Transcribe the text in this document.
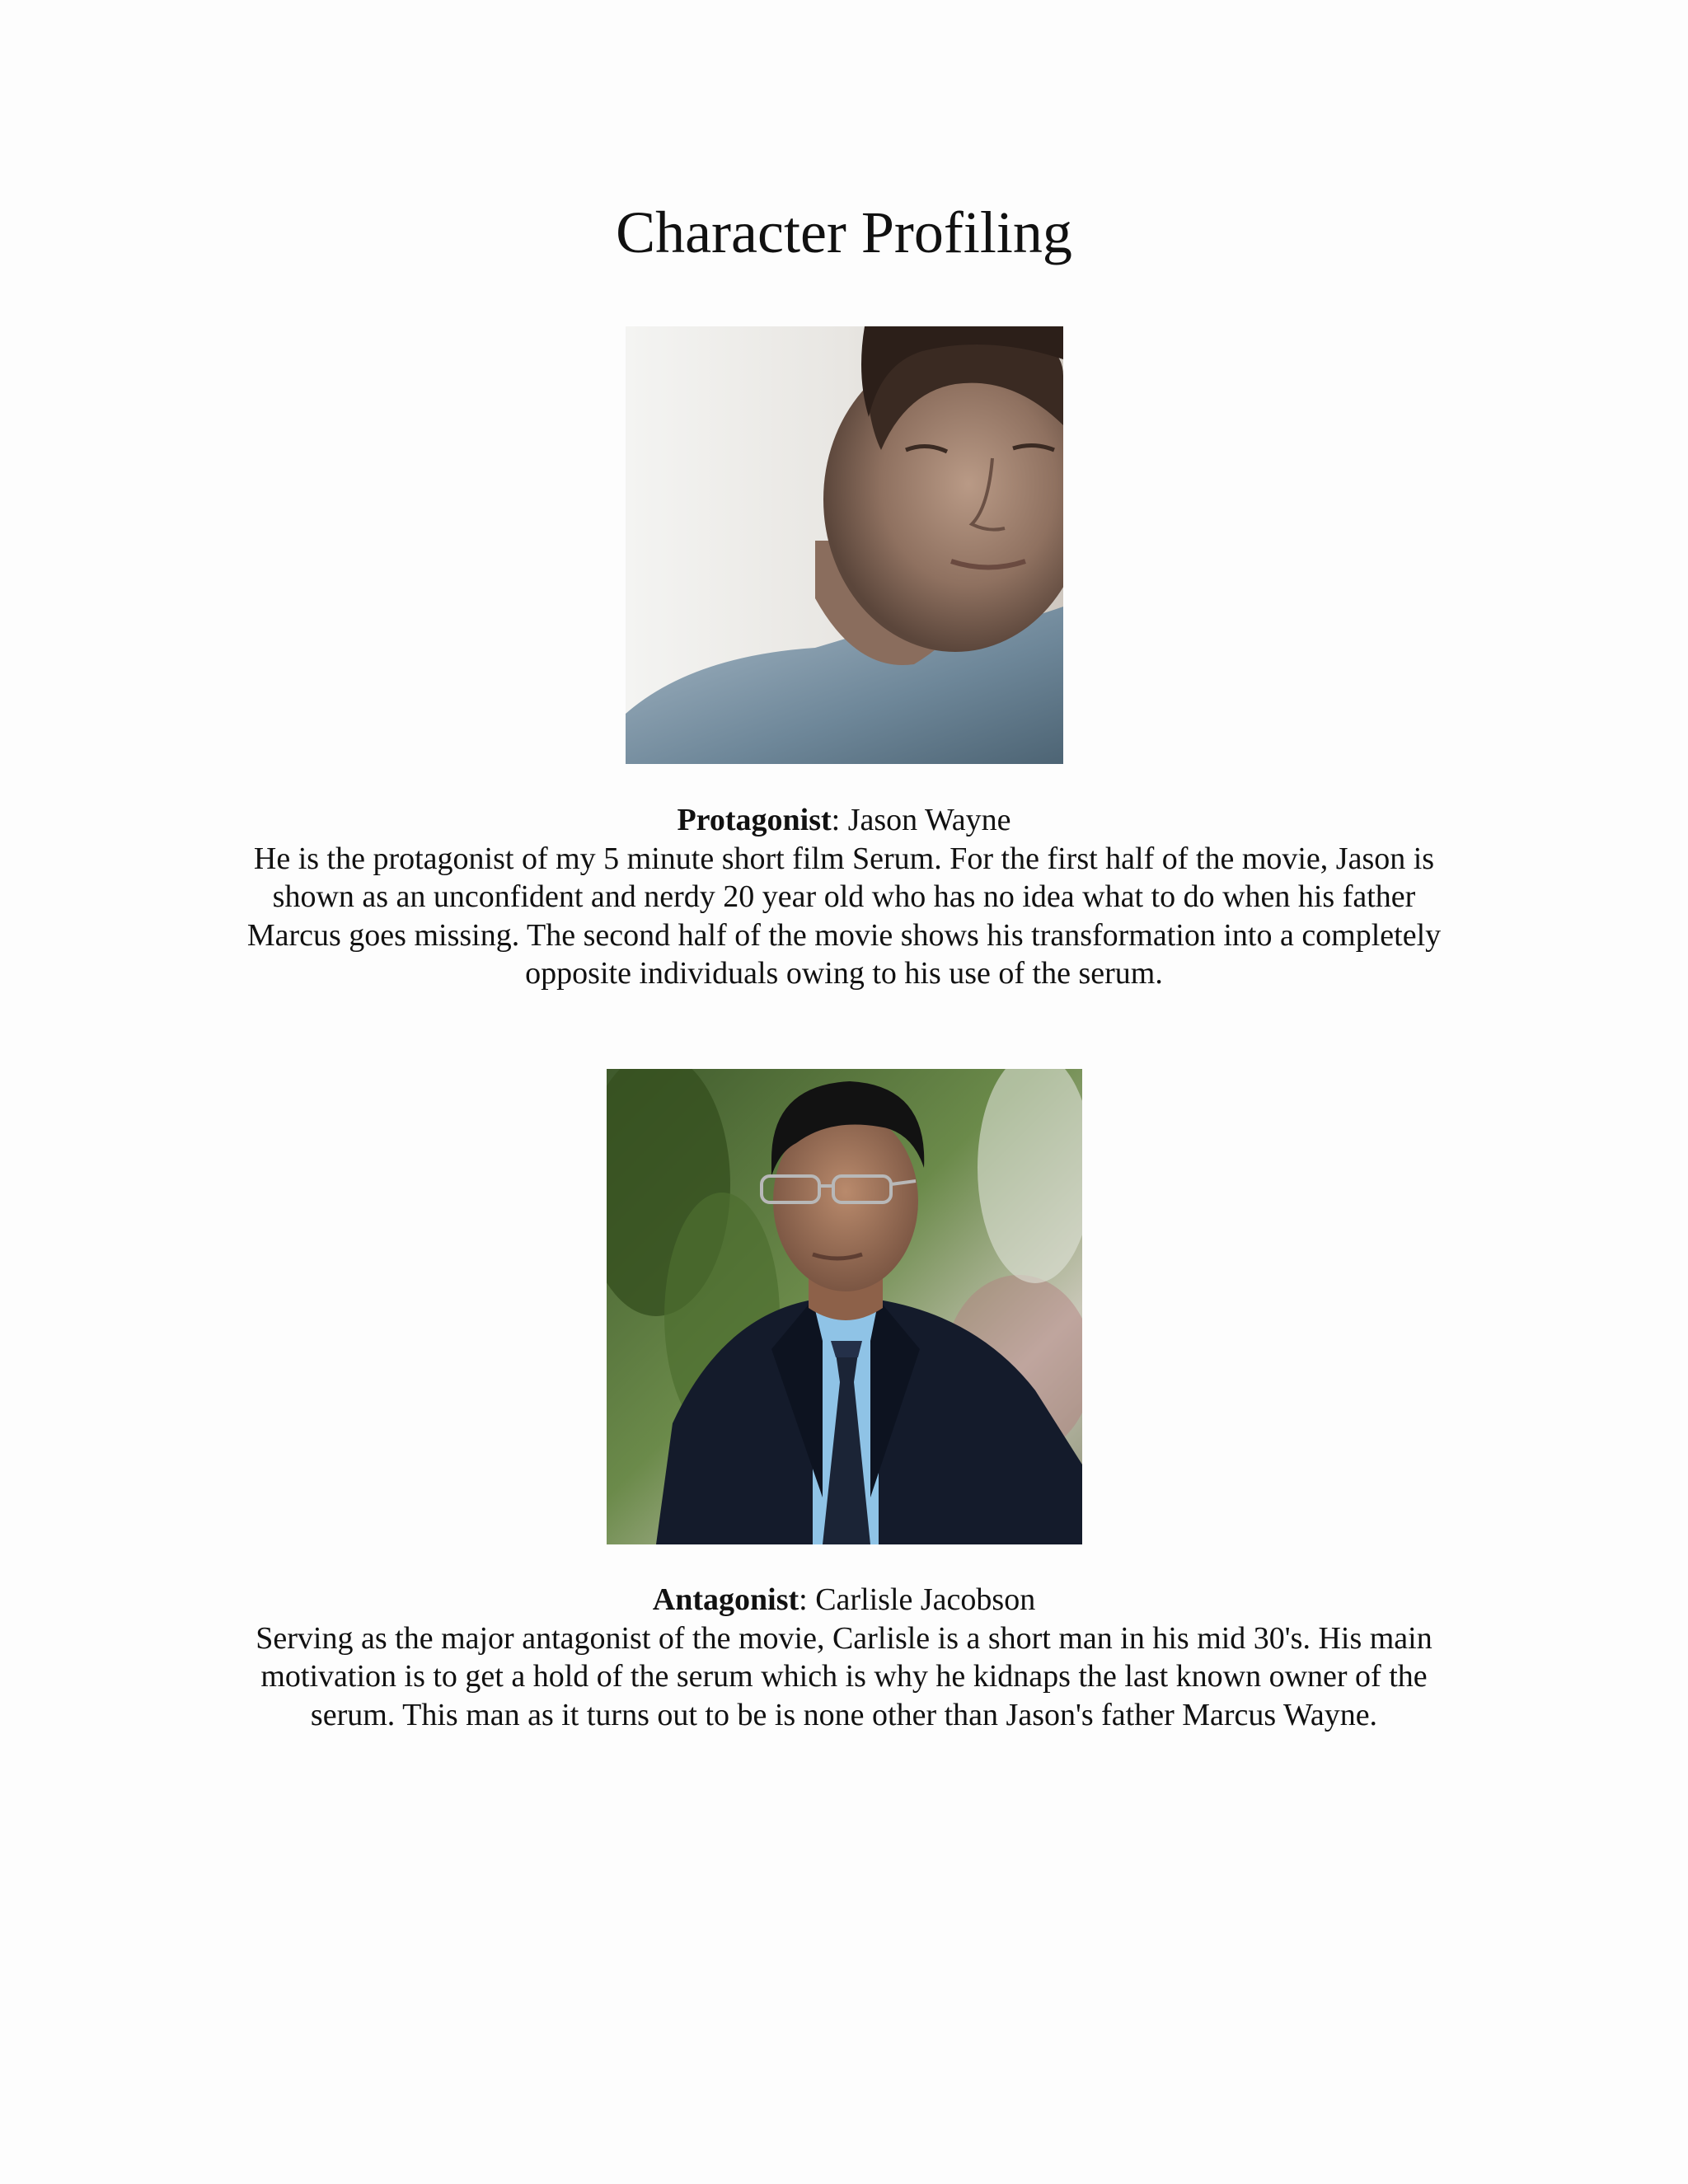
Character Profiling
Protagonist: Jason Wayne
He is the protagonist of my 5 minute short film Serum. For the first half of the movie, Jason is shown as an unconfident and nerdy 20 year old who has no idea what to do when his father Marcus goes missing. The second half of the movie shows his transformation into a completely opposite individuals owing to his use of the serum.
Antagonist: Carlisle Jacobson
Serving as the major antagonist of the movie, Carlisle is a short man in his mid 30's. His main motivation is to get a hold of the serum which is why he kidnaps the last known owner of the serum. This man as it turns out to be is none other than Jason's father Marcus Wayne.
